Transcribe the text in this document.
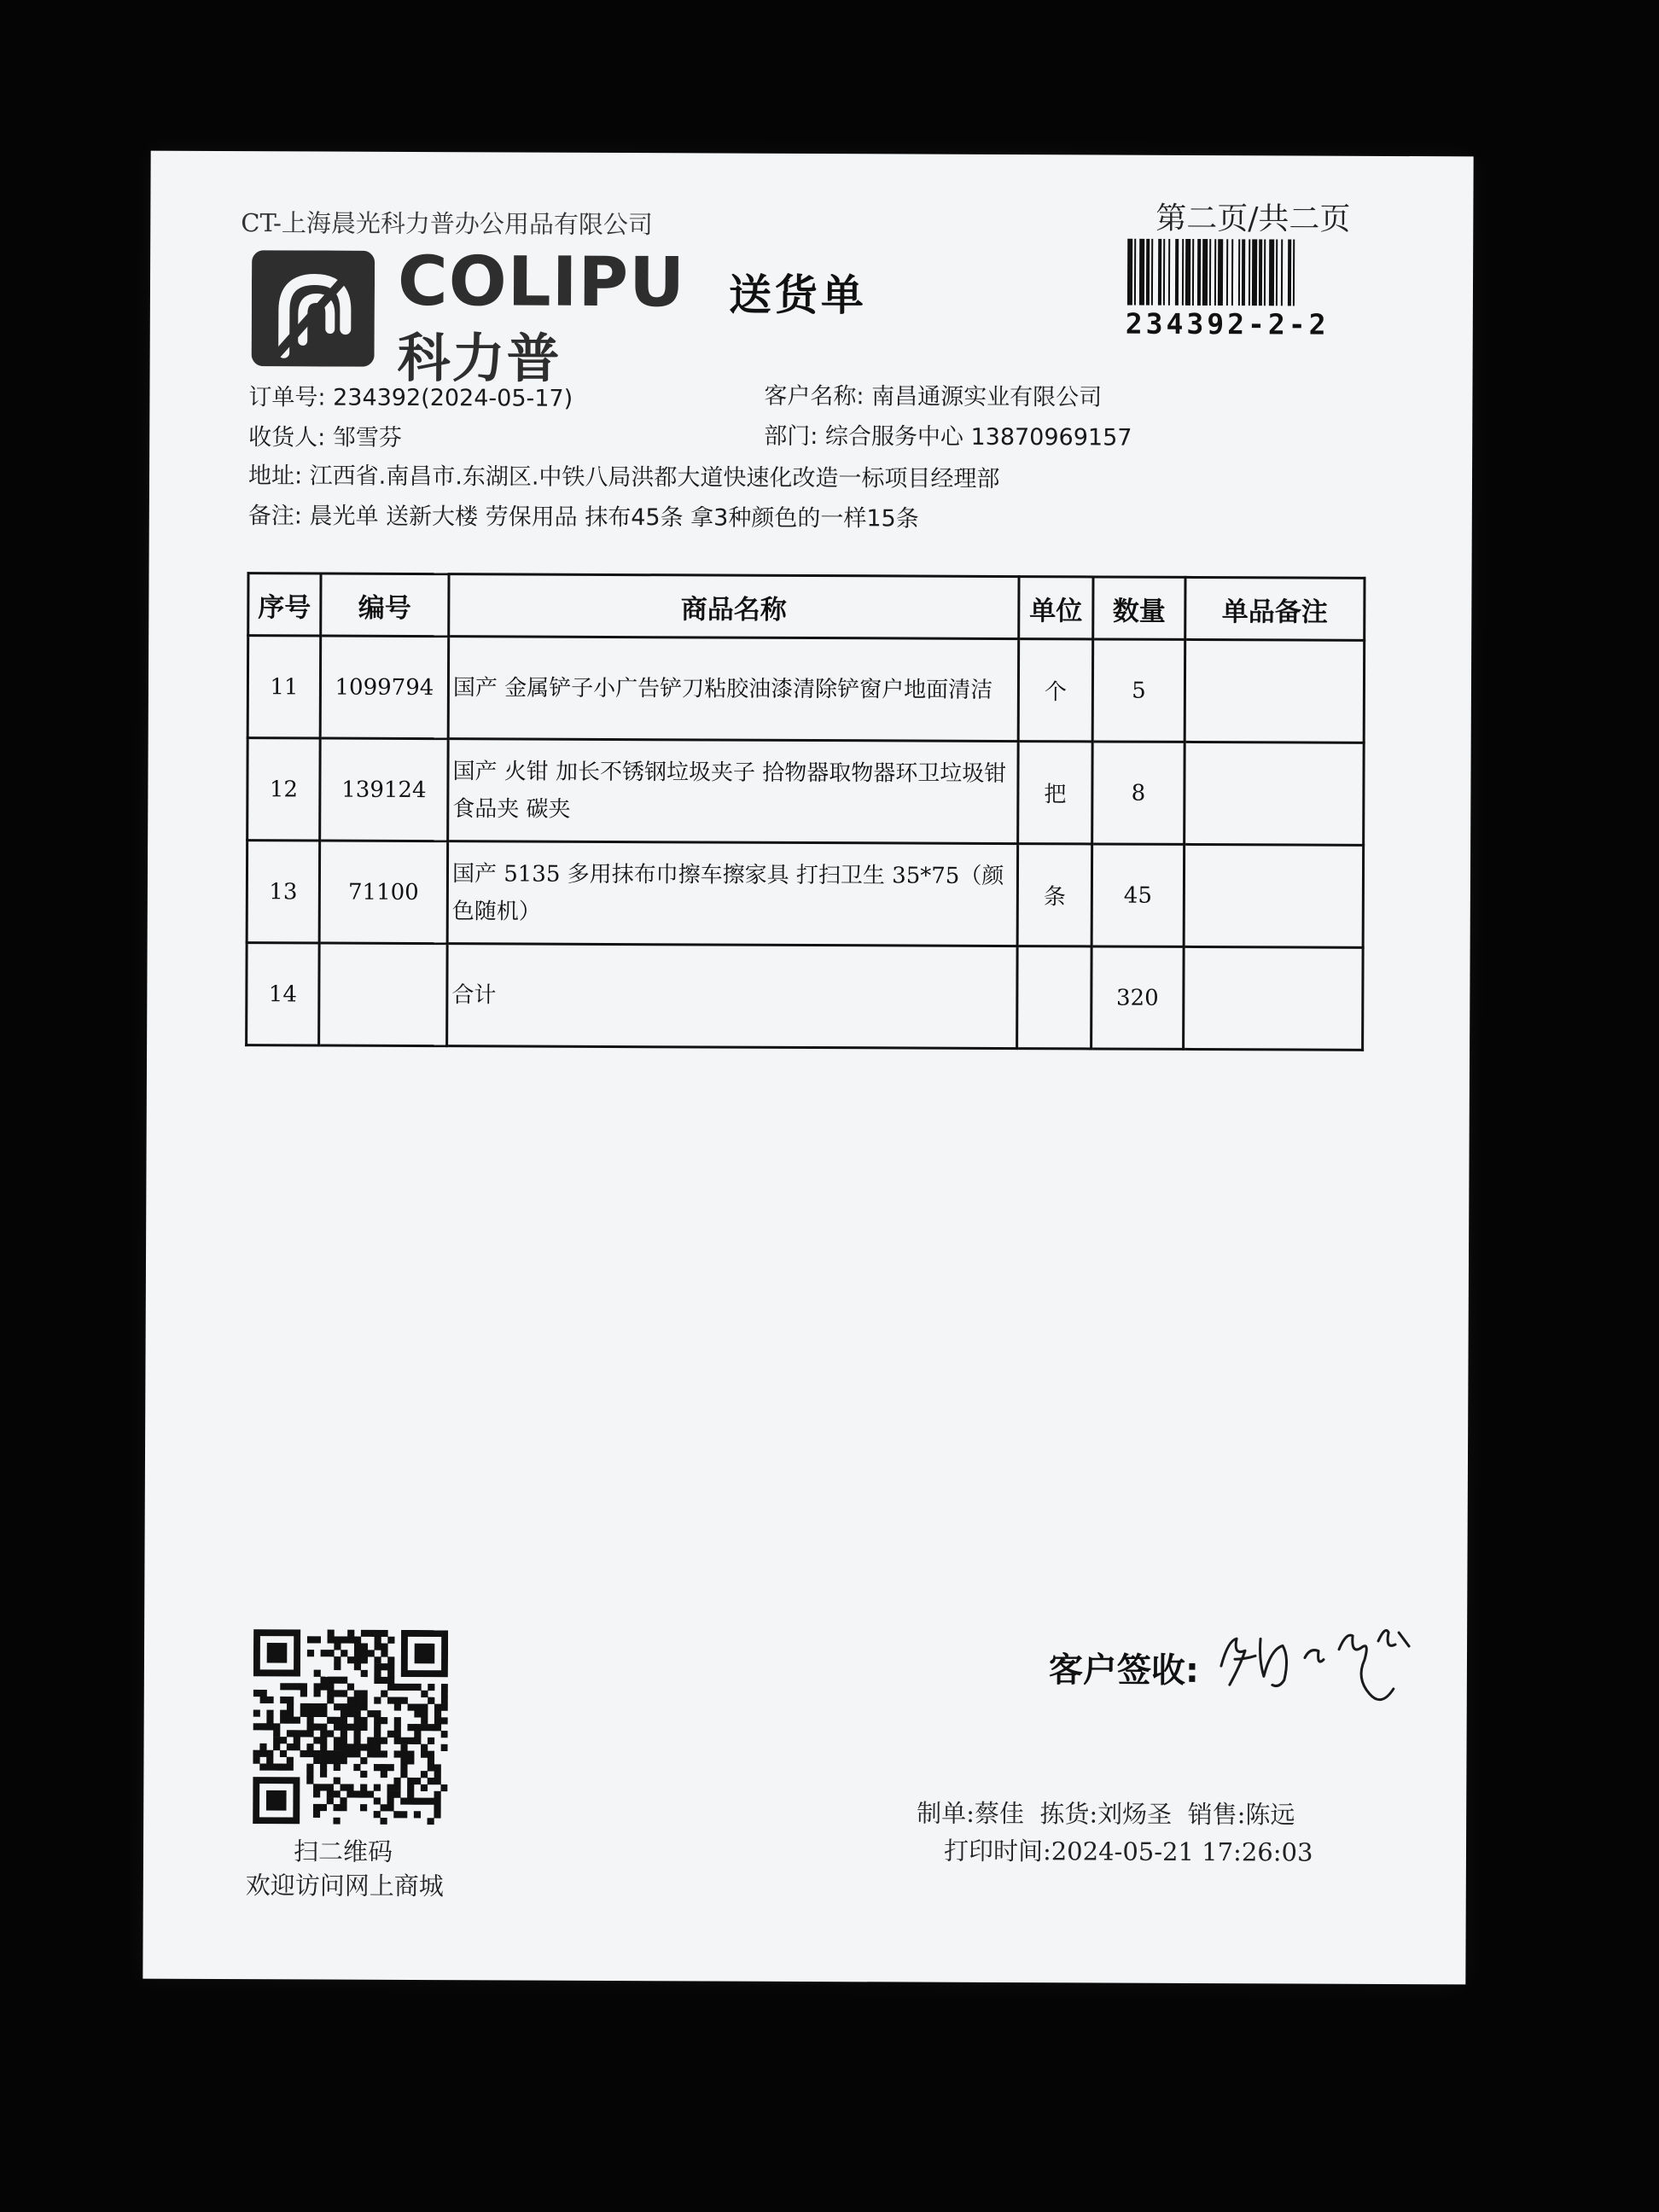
CT-上海晨光科力普办公用品有限公司	第二页/共二页
COLIPU
科力普
送货单
234392-2-2
订单号: 234392(2024-05-17)	客户名称: 南昌通源实业有限公司
收货人: 邹雪芬	部门: 综合服务中心 13870969157
地址: 江西省.南昌市.东湖区.中铁八局洪都大道快速化改造一标项目经理部
备注: 晨光单 送新大楼 劳保用品 抹布45条 拿3种颜色的一样15条
序号	编号	商品名称	单位	数量	单品备注
11	1099794	国产 金属铲子小广告铲刀粘胶油漆清除铲窗户地面清洁	个	5	
12	139124	国产 火钳 加长不锈钢垃圾夹子 拾物器取物器环卫垃圾钳 食品夹 碳夹	把	8	
13	71100	国产 5135 多用抹布巾擦车擦家具 打扫卫生 35*75（颜色随机）	条	45	
14		合计		320	
扫二维码
欢迎访问网上商城
客户签收:
制单:蔡佳 拣货:刘炀圣 销售:陈远
打印时间:2024-05-21 17:26:03
